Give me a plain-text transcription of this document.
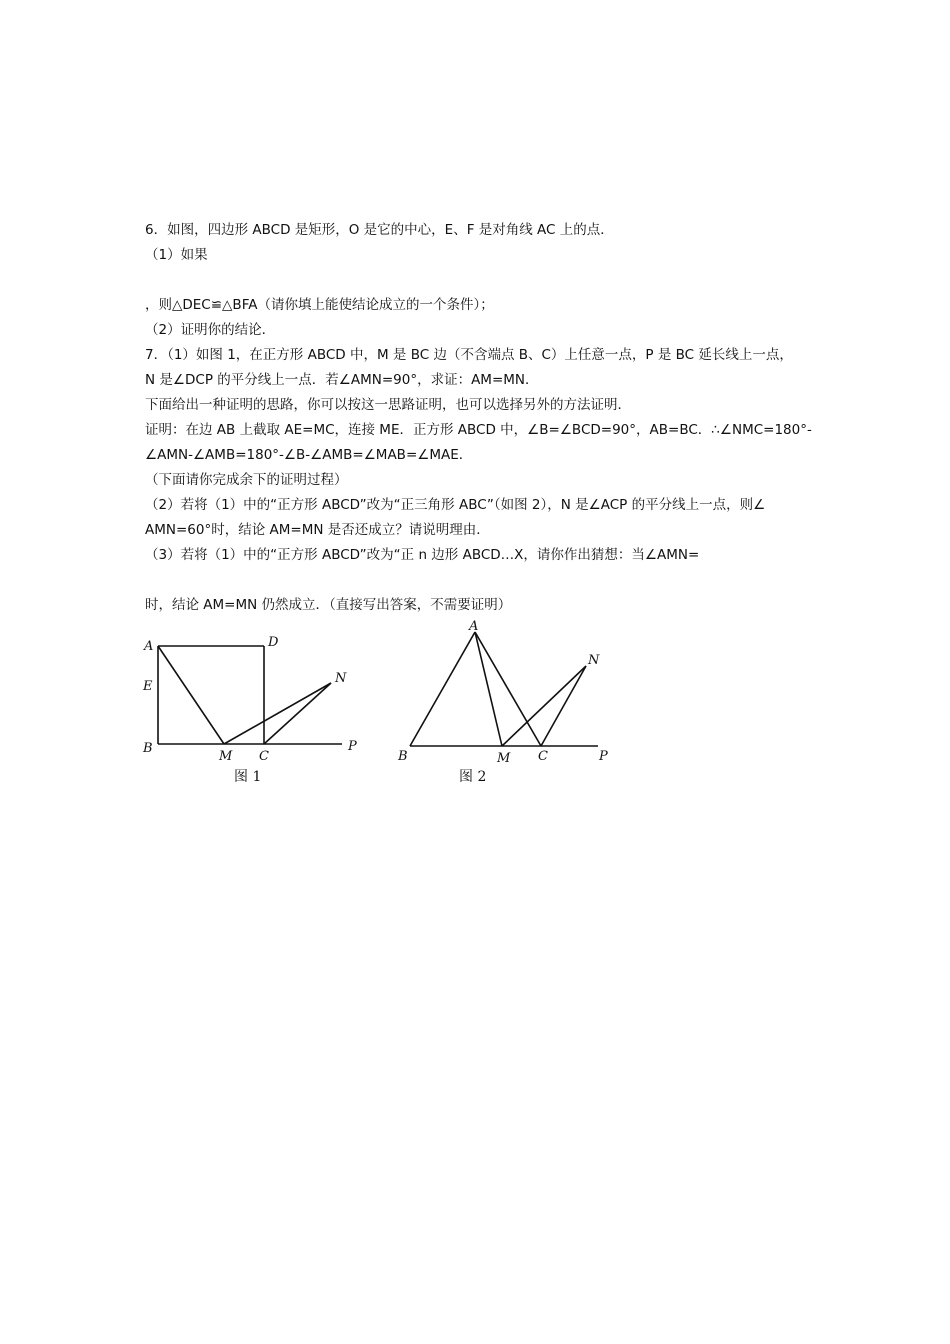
6．如图，四边形 ABCD 是矩形，O 是它的中心，E、F 是对角线 AC 上的点．
（1）如果
，则△DEC≌△BFA（请你填上能使结论成立的一个条件）；
（2）证明你的结论．
7．（1）如图 1，在正方形 ABCD 中，M 是 BC 边（不含端点 B、C）上任意一点，P 是 BC 延长线上一点，
N 是∠DCP 的平分线上一点．若∠AMN=90°，求证：AM=MN．
下面给出一种证明的思路，你可以按这一思路证明，也可以选择另外的方法证明．
证明：在边 AB 上截取 AE=MC，连接 ME．正方形 ABCD 中，∠B=∠BCD=90°，AB=BC．∴∠NMC=180°-
∠AMN-∠AMB=180°-∠B-∠AMB=∠MAB=∠MAE．
（下面请你完成余下的证明过程）
（2）若将（1）中的“正方形 ABCD”改为“正三角形 ABC”（如图 2），N 是∠ACP 的平分线上一点，则∠
AMN=60°时，结论 AM=MN 是否还成立？请说明理由．
（3）若将（1）中的“正方形 ABCD”改为“正 n 边形 ABCD…X，请你作出猜想：当∠AMN=
时，结论 AM=MN 仍然成立．（直接写出答案，不需要证明）
A	D
E
N
B
M C
P
A
N
B	M C	P
图 1	图 2
